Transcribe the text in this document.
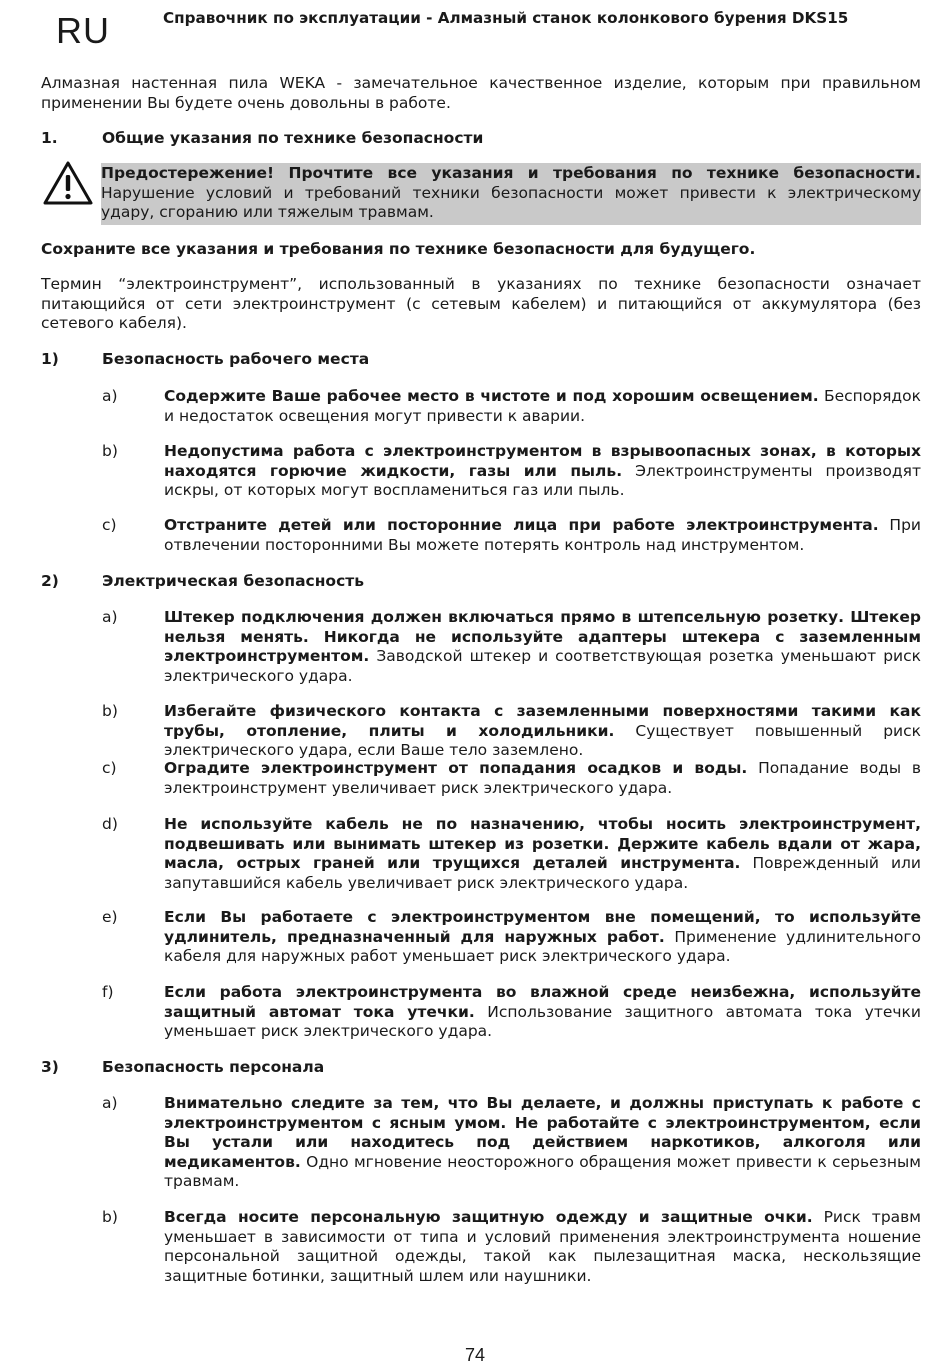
RU	Справочник по эксплуатации - Алмазный станок колонкового бурения DKS15
Алмазная настенная пила WEKA - замечательное качественное изделие, которым при правильном применении Вы будете очень довольны в работе.
1.	Общие указания по технике безопасности
Предостережение! Прочтите все указания и требования по технике безопасности. Нарушение условий и требований техники безопасности может привести к электрическому удару, сгоранию или тяжелым травмам.
Сохраните все указания и требования по технике безопасности для будущего.
Термин “электроинструмент”, использованный в указаниях по технике безопасности означает питающийся от сети электроинструмент (с сетевым кабелем) и питающийся от аккумулятора (без сетевого кабеля).
1)	Безопасность рабочего места
a)	Содержите Ваше рабочее место в чистоте и под хорошим освещением. Беспорядок и недостаток освещения могут привести к аварии.
b)	Недопустима работа с электроинструментом в взрывоопасных зонах, в которых находятся горючие жидкости, газы или пыль. Электроинструменты производят искры, от которых могут воспламениться газ или пыль.
c)	Отстраните детей или посторонние лица при работе электроинструмента. При отвлечении посторонними Вы можете потерять контроль над инструментом.
2)	Электрическая безопасность
a)	Штекер подключения должен включаться прямо в штепсельную розетку. Штекер нельзя менять. Никогда не используйте адаптеры штекера с заземленным электроинструментом. Заводской штекер и соответствующая розетка уменьшают риск электрического удара.
b)	Избегайте физического контакта с заземленными поверхностями такими как трубы, отопление, плиты и холодильники. Существует повышенный риск электрического удара, если Ваше тело заземлено.
c)	Оградите электроинструмент от попадания осадков и воды. Попадание воды в электроинструмент увеличивает риск электрического удара.
d)	Не используйте кабель не по назначению, чтобы носить электроинструмент, подвешивать или вынимать штекер из розетки. Держите кабель вдали от жара, масла, острых граней или трущихся деталей инструмента. Поврежденный или запутавшийся кабель увеличивает риск электрического удара.
e)	Если Вы работаете с электроинструментом вне помещений, то используйте удлинитель, предназначенный для наружных работ. Применение удлинительного кабеля для наружных работ уменьшает риск электрического удара.
f)	Если работа электроинструмента во влажной среде неизбежна, используйте защитный автомат тока утечки. Использование защитного автомата тока утечки уменьшает риск электрического удара.
3)	Безопасность персонала
a)	Внимательно следите за тем, что Вы делаете, и должны приступать к работе с электроинструментом с ясным умом. Не работайте с электроинструментом, если Вы устали или находитесь под действием наркотиков, алкоголя или медикаментов. Одно мгновение неосторожного обращения может привести к серьезным травмам.
b)	Всегда носите персональную защитную одежду и защитные очки. Риск травм уменьшает в зависимости от типа и условий применения электроинструмента ношение персональной защитной одежды, такой как пылезащитная маска, нескользящие защитные ботинки, защитный шлем или наушники.
74
